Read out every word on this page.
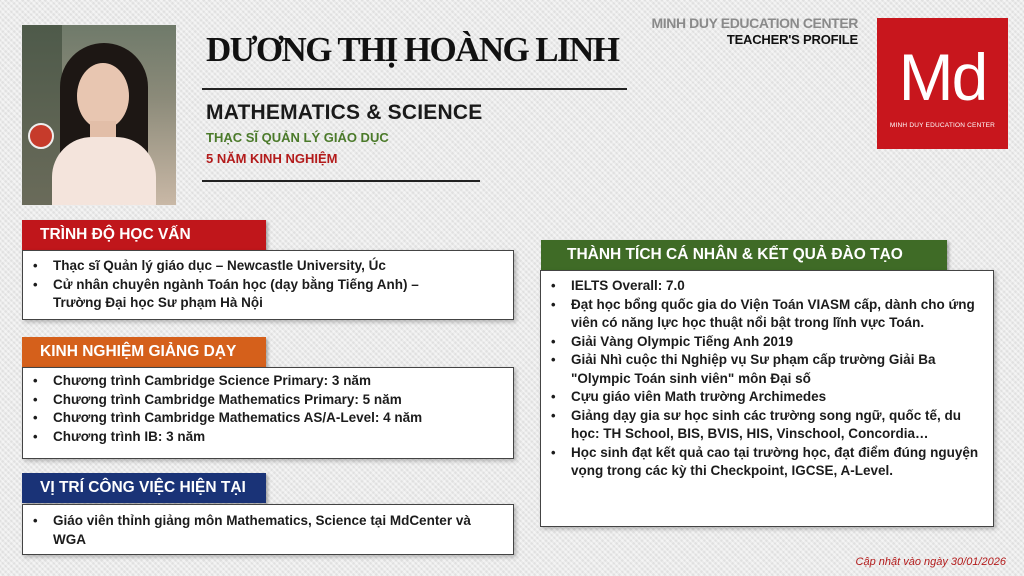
DƯƠNG THỊ HOÀNG LINH
MATHEMATICS & SCIENCE
THẠC SĨ QUẢN LÝ GIÁO DỤC
5 NĂM KINH NGHIỆM
MINH DUY EDUCATION CENTER
TEACHER'S PROFILE
Md
MINH DUY EDUCATION CENTER
TRÌNH ĐỘ HỌC VẤN
• Thạc sĩ Quản lý giáo dục – Newcastle University, Úc
• Cử nhân chuyên ngành Toán học (dạy bằng Tiếng Anh) – Trường Đại học Sư phạm Hà Nội
KINH NGHIỆM GIẢNG DẠY
• Chương trình Cambridge Science Primary: 3 năm
• Chương trình Cambridge Mathematics Primary: 5 năm
• Chương trình Cambridge Mathematics AS/A-Level: 4 năm
• Chương trình IB: 3 năm
VỊ TRÍ CÔNG VIỆC HIỆN TẠI
• Giáo viên thỉnh giảng môn Mathematics, Science tại MdCenter và WGA
THÀNH TÍCH CÁ NHÂN & KẾT QUẢ ĐÀO TẠO
• IELTS Overall: 7.0
• Đạt học bổng quốc gia do Viện Toán VIASM cấp, dành cho ứng viên có năng lực học thuật nổi bật trong lĩnh vực Toán.
• Giải Vàng Olympic Tiếng Anh 2019
• Giải Nhì cuộc thi Nghiệp vụ Sư phạm cấp trường Giải Ba "Olympic Toán sinh viên" môn Đại số
• Cựu giáo viên Math trường Archimedes
• Giảng dạy gia sư học sinh các trường song ngữ, quốc tế, du học: TH School, BIS, BVIS, HIS, Vinschool, Concordia…
• Học sinh đạt kết quả cao tại trường học, đạt điểm đúng nguyện vọng trong các kỳ thi Checkpoint, IGCSE, A-Level.
Cập nhật vào ngày 30/01/2026
